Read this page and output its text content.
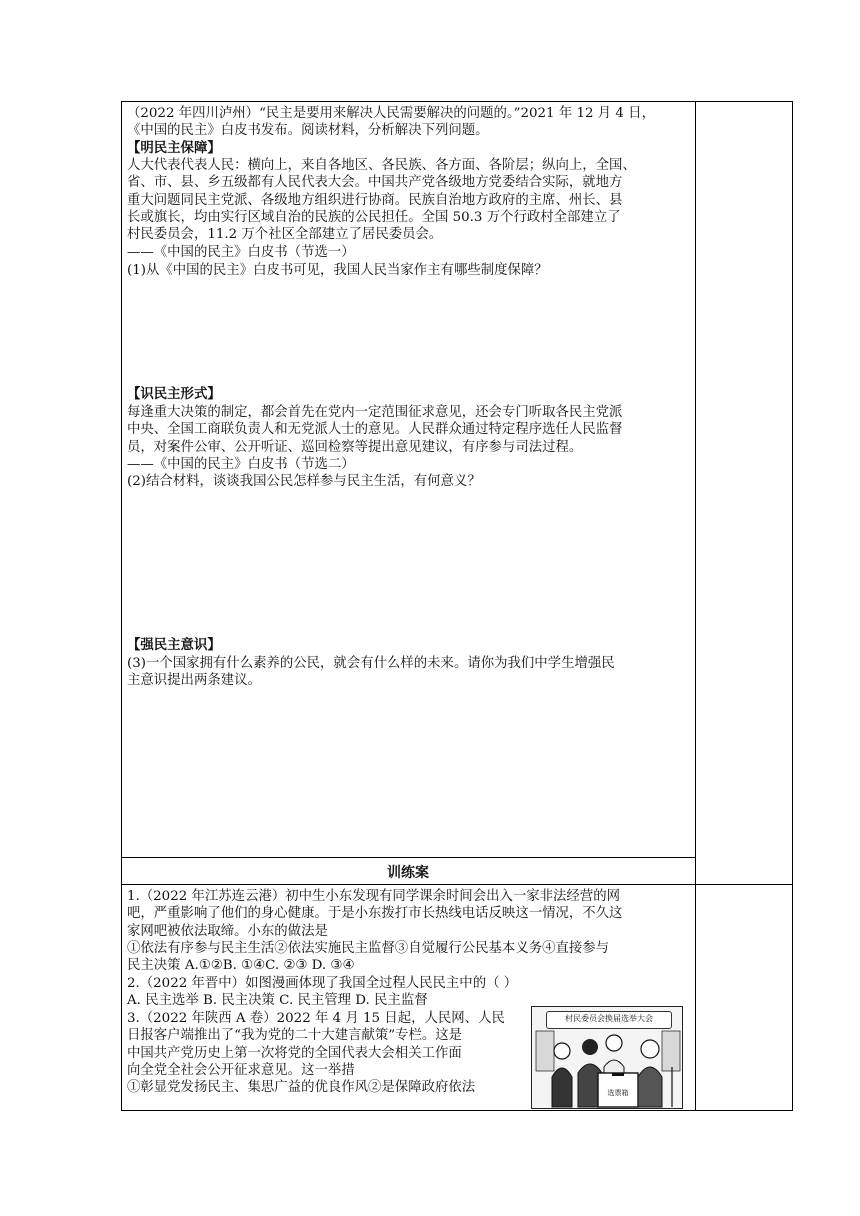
（2022 年四川泸州）“民主是要用来解决人民需要解决的问题的。”2021 年 12 月 4 日，
《中国的民主》白皮书发布。阅读材料，分析解决下列问题。
【明民主保障】
人大代表代表人民：横向上，来自各地区、各民族、各方面、各阶层；纵向上，全国、
省、市、县、乡五级都有人民代表大会。中国共产党各级地方党委结合实际，就地方
重大问题同民主党派、各级地方组织进行协商。民族自治地方政府的主席、州长、县
长或旗长，均由实行区域自治的民族的公民担任。全国 50.3 万个行政村全部建立了
村民委员会，11.2 万个社区全部建立了居民委员会。
——《中国的民主》白皮书（节选一）
(1)从《中国的民主》白皮书可见，我国人民当家作主有哪些制度保障？
【识民主形式】
每逢重大决策的制定，都会首先在党内一定范围征求意见，还会专门听取各民主党派
中央、全国工商联负责人和无党派人士的意见。人民群众通过特定程序选任人民监督
员，对案件公审、公开听证、巡回检察等提出意见建议，有序参与司法过程。
——《中国的民主》白皮书（节选二）
(2)结合材料，谈谈我国公民怎样参与民主生活，有何意义？
【强民主意识】
(3)一个国家拥有什么素养的公民，就会有什么样的未来。请你为我们中学生增强民
主意识提出两条建议。
训练案
1.（2022 年江苏连云港）初中生小东发现有同学课余时间会出入一家非法经营的网
吧，严重影响了他们的身心健康。于是小东拨打市长热线电话反映这一情况，不久这
家网吧被依法取缔。小东的做法是
①依法有序参与民主生活②依法实施民主监督③自觉履行公民基本义务④直接参与
民主决策 A.①②B. ①④C. ②③ D. ③④
2.（2022 年晋中）如图漫画体现了我国全过程人民民主中的（ ）
A. 民主选举 B. 民主决策 C. 民主管理 D. 民主监督
3.（2022 年陕西 A 卷）2022 年 4 月 15 日起，人民网、人民
日报客户端推出了“我为党的二十大建言献策”专栏。这是
中国共产党历史上第一次将党的全国代表大会相关工作面
向全党全社会公开征求意见。这一举措
①彰显党发扬民主、集思广益的优良作风②是保障政府依法
村民委员会换届选举大会
选票箱
